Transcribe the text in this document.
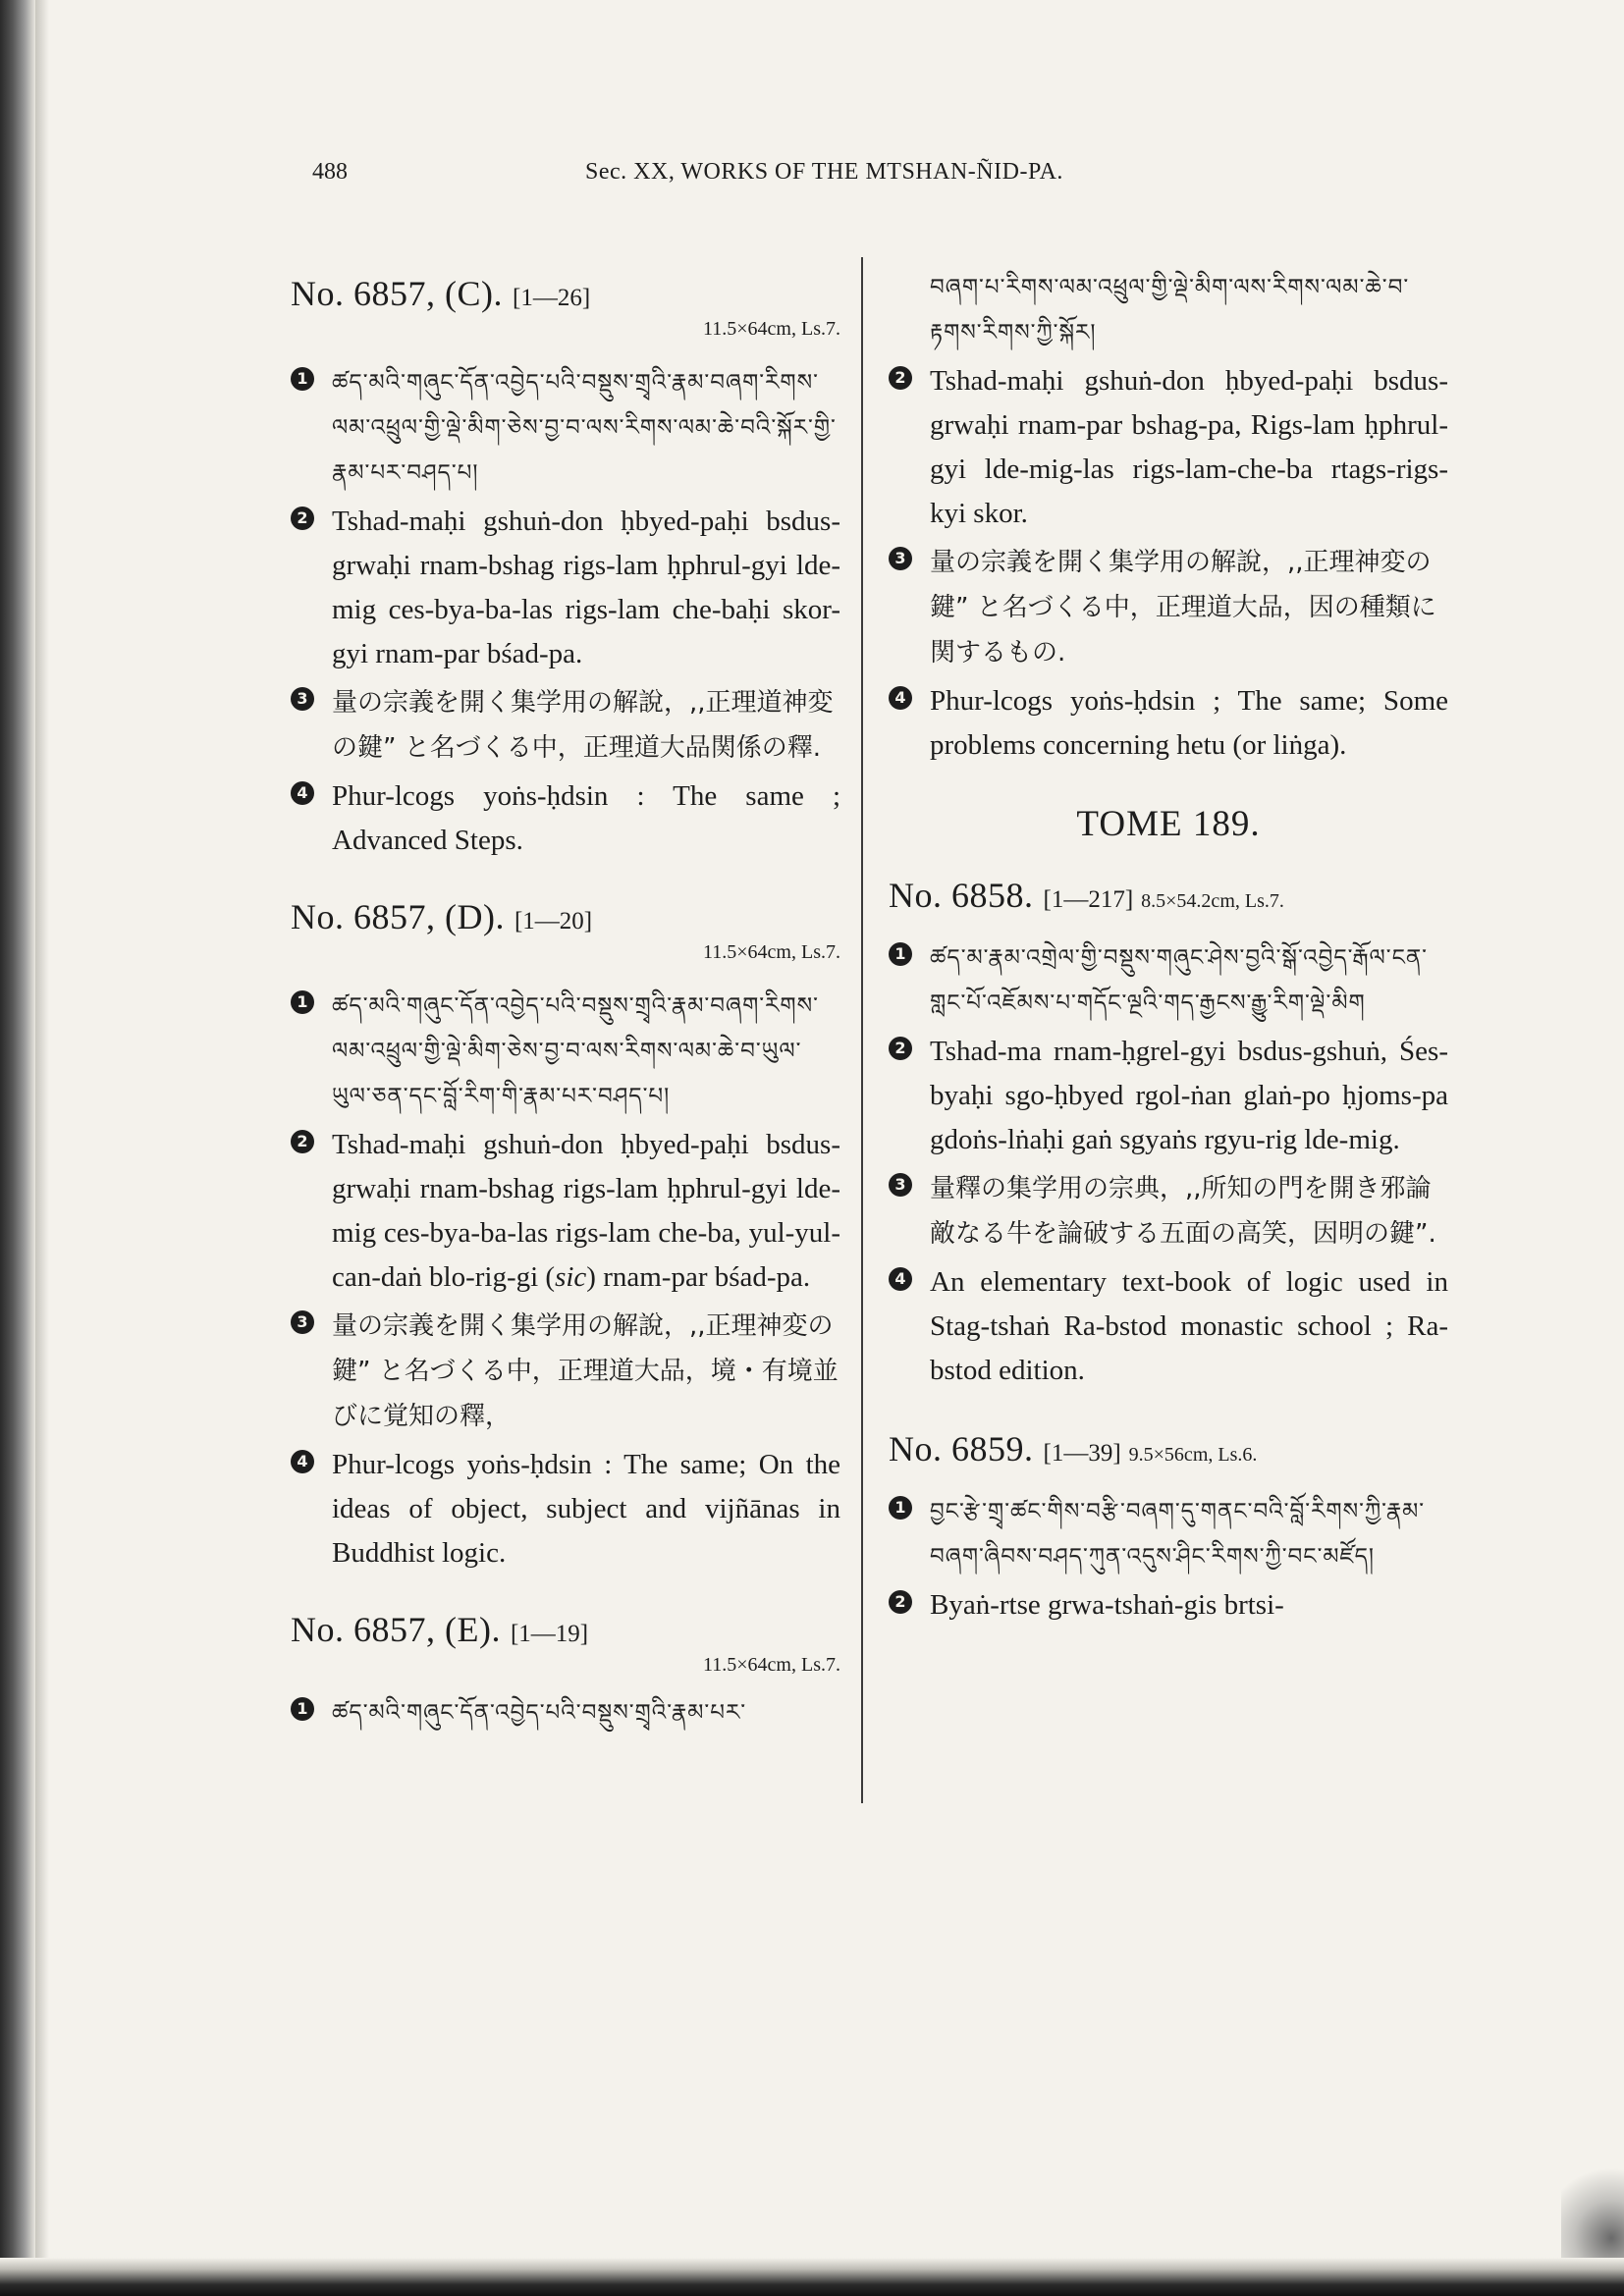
488	Sec. XX, WORKS OF THE MTSHAN-ÑID-PA.
No. 6857, (C). [1—26]
11.5×64cm, Ls.7.
1 ཚད་མའི་གཞུང་དོན་འབྱེད་པའི་བསྡུས་གྲྭའི་རྣམ་བཞག་རིགས་ལམ་འཕྲུལ་གྱི་ལྡེ་མིག་ཅེས་བྱ་བ་ལས་རིགས་ལམ་ཆེ་བའི་སྐོར་གྱི་རྣམ་པར་བཤད་པ།
2 Tshad-maḥi gshuṅ-don ḥbyed-paḥi bsdus-grwaḥi rnam-bshag rigs-lam ḥphrul-gyi lde-mig ces-bya-ba-las rigs-lam che-baḥi skor-gyi rnam-par bśad-pa.
3 量の宗義を開く集学用の解說，,,正理道神変の鍵” と名づくる中，正理道大品関係の釋.
4 Phur-lcogs yoṅs-ḥdsin : The same ; Advanced Steps.
No. 6857, (D). [1—20]
11.5×64cm, Ls.7.
1 ཚད་མའི་གཞུང་དོན་འབྱེད་པའི་བསྡུས་གྲྭའི་རྣམ་བཞག་རིགས་ལམ་འཕྲུལ་གྱི་ལྡེ་མིག་ཅེས་བྱ་བ་ལས་རིགས་ལམ་ཆེ་བ་ཡུལ་ཡུལ་ཅན་དང་བློ་རིག་གི་རྣམ་པར་བཤད་པ།
2 Tshad-maḥi gshuṅ-don ḥbyed-paḥi bsdus-grwaḥi rnam-bshag rigs-lam ḥphrul-gyi lde-mig ces-bya-ba-las rigs-lam che-ba, yul-yul-can-daṅ blo-rig-gi (sic) rnam-par bśad-pa.
3 量の宗義を開く集学用の解說，,,正理神変の鍵” と名づくる中，正理道大品，境・有境並びに覚知の釋，
4 Phur-lcogs yoṅs-ḥdsin : The same; On the ideas of object, subject and vijñānas in Buddhist logic.
No. 6857, (E). [1—19]
11.5×64cm, Ls.7.
1 ཚད་མའི་གཞུང་དོན་འབྱེད་པའི་བསྡུས་གྲྭའི་རྣམ་པར་
བཞག་པ་རིགས་ལམ་འཕྲུལ་གྱི་ལྡེ་མིག་ལས་རིགས་ལམ་ཆེ་བ་རྟགས་རིགས་ཀྱི་སྐོར།
2 Tshad-maḥi gshuṅ-don ḥbyed-paḥi bsdus-grwaḥi rnam-par bshag-pa, Rigs-lam ḥphrul-gyi lde-mig-las rigs-lam-che-ba rtags-rigs-kyi skor.
3 量の宗義を開く集学用の解說，,,正理神変の鍵” と名づくる中，正理道大品，因の種類に関するもの.
4 Phur-lcogs yoṅs-ḥdsin ; The same; Some problems concerning hetu (or liṅga).
TOME 189.
No. 6858. [1—217] 8.5×54.2cm, Ls.7.
1 ཚད་མ་རྣམ་འགྲེལ་གྱི་བསྡུས་གཞུང་ཤེས་བྱའི་སྒོ་འབྱེད་རྒོལ་ངན་གླང་པོ་འཇོམས་པ་གདོང་ལྔའི་གད་རྒྱངས་རྒྱུ་རིག་ལྡེ་མིག
2 Tshad-ma rnam-ḥgrel-gyi bsdus-gshuṅ, Śes-byaḥi sgo-ḥbyed rgol-ṅan glaṅ-po ḥjoms-pa gdoṅs-lṅaḥi gaṅ sgyaṅs rgyu-rig lde-mig.
3 量釋の集学用の宗典，,,所知の門を開き邪論敵なる牛を論破する五面の高笑，因明の鍵”.
4 An elementary text-book of logic used in Stag-tshaṅ Ra-bstod monastic school ; Ra-bstod edition.
No. 6859. [1—39] 9.5×56cm, Ls.6.
1 བྱང་རྩེ་གྲྭ་ཚང་གིས་བརྩི་བཞག་དུ་གནང་བའི་བློ་རིགས་ཀྱི་རྣམ་བཞག་ཞིབས་བཤད་ཀུན་འདུས་ཤིང་རིགས་ཀྱི་བང་མཛོད།
2 Byaṅ-rtse grwa-tshaṅ-gis brtsi-
